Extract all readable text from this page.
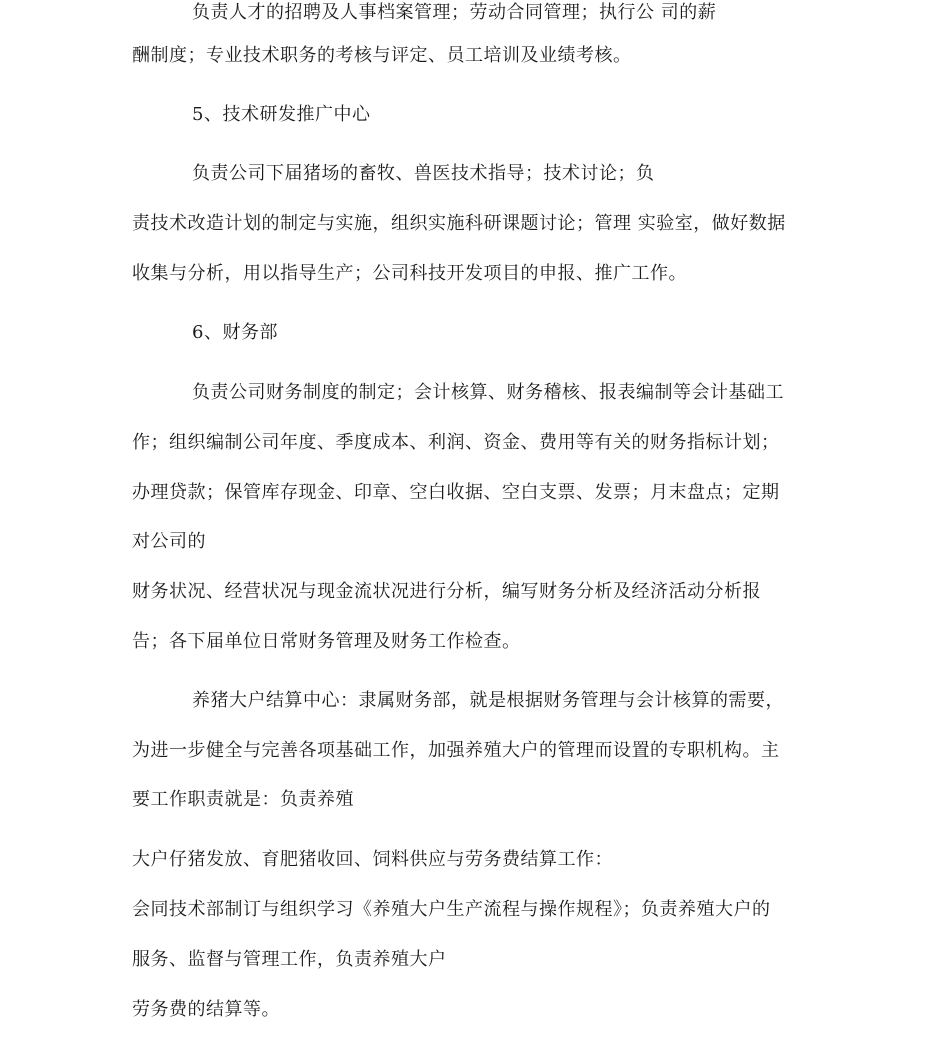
负责人才的招聘及人事档案管理；劳动合同管理；执行公 司的薪
酬制度；专业技术职务的考核与评定、员工培训及业绩考核。
5、技术研发推广中心
负责公司下届猪场的畜牧、兽医技术指导；技术讨论；负
责技术改造计划的制定与实施，组织实施科研课题讨论；管理 实验室，做好数据
收集与分析，用以指导生产；公司科技开发项目的申报、推广工作。
6、财务部
负责公司财务制度的制定；会计核算、财务稽核、报表编制等会计基础工
作；组织编制公司年度、季度成本、利润、资金、费用等有关的财务指标计划；
办理贷款；保管库存现金、印章、空白收据、空白支票、发票；月末盘点；定期
对公司的
财务状况、经营状况与现金流状况进行分析，编写财务分析及经济活动分析报
告；各下届单位日常财务管理及财务工作检查。
养猪大户结算中心：隶属财务部，就是根据财务管理与会计核算的需要，
为进一步健全与完善各项基础工作，加强养殖大户的管理而设置的专职机构。主
要工作职责就是：负责养殖
大户仔猪发放、育肥猪收回、饲料供应与劳务费结算工作：
会同技术部制订与组织学习《养殖大户生产流程与操作规程》；负责养殖大户的
服务、监督与管理工作，负责养殖大户
劳务费的结算等。
